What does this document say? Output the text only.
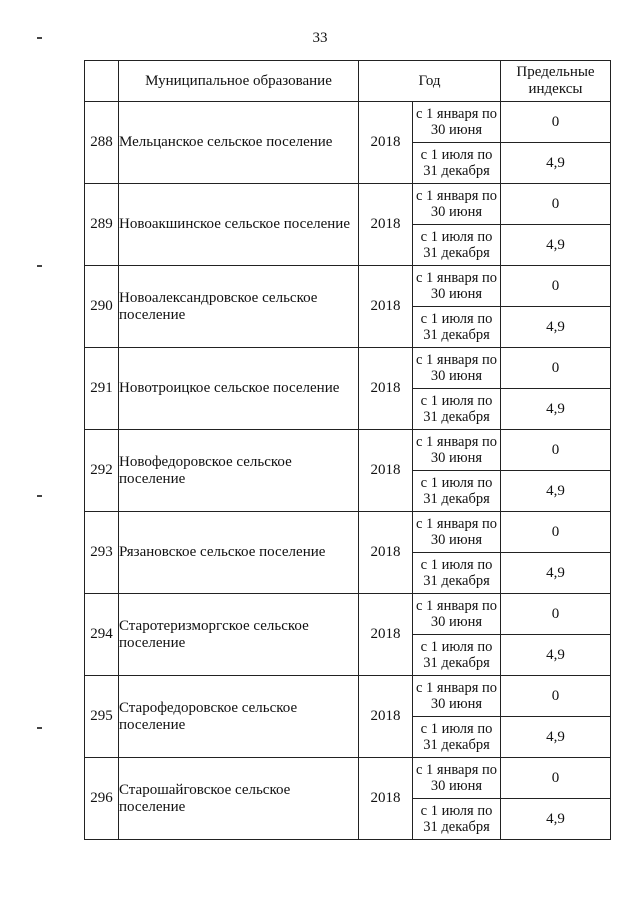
33
	Муниципальное образование	Год		Предельные индексы
288	Мельцанское сельское поселение	2018	с 1 января по 30 июня	0
			с 1 июля по 31 декабря	4,9
289	Новоакшинское сельское поселение	2018	с 1 января по 30 июня	0
			с 1 июля по 31 декабря	4,9
290	Новоалександровское сельское поселение	2018	с 1 января по 30 июня	0
			с 1 июля по 31 декабря	4,9
291	Новотроицкое сельское поселение	2018	с 1 января по 30 июня	0
			с 1 июля по 31 декабря	4,9
292	Новофедоровское сельское поселение	2018	с 1 января по 30 июня	0
			с 1 июля по 31 декабря	4,9
293	Рязановское сельское поселение	2018	с 1 января по 30 июня	0
			с 1 июля по 31 декабря	4,9
294	Старотеризморгское сельское поселение	2018	с 1 января по 30 июня	0
			с 1 июля по 31 декабря	4,9
295	Старофедоровское сельское поселение	2018	с 1 января по 30 июня	0
			с 1 июля по 31 декабря	4,9
296	Старошайговское сельское поселение	2018	с 1 января по 30 июня	0
			с 1 июля по 31 декабря	4,9
